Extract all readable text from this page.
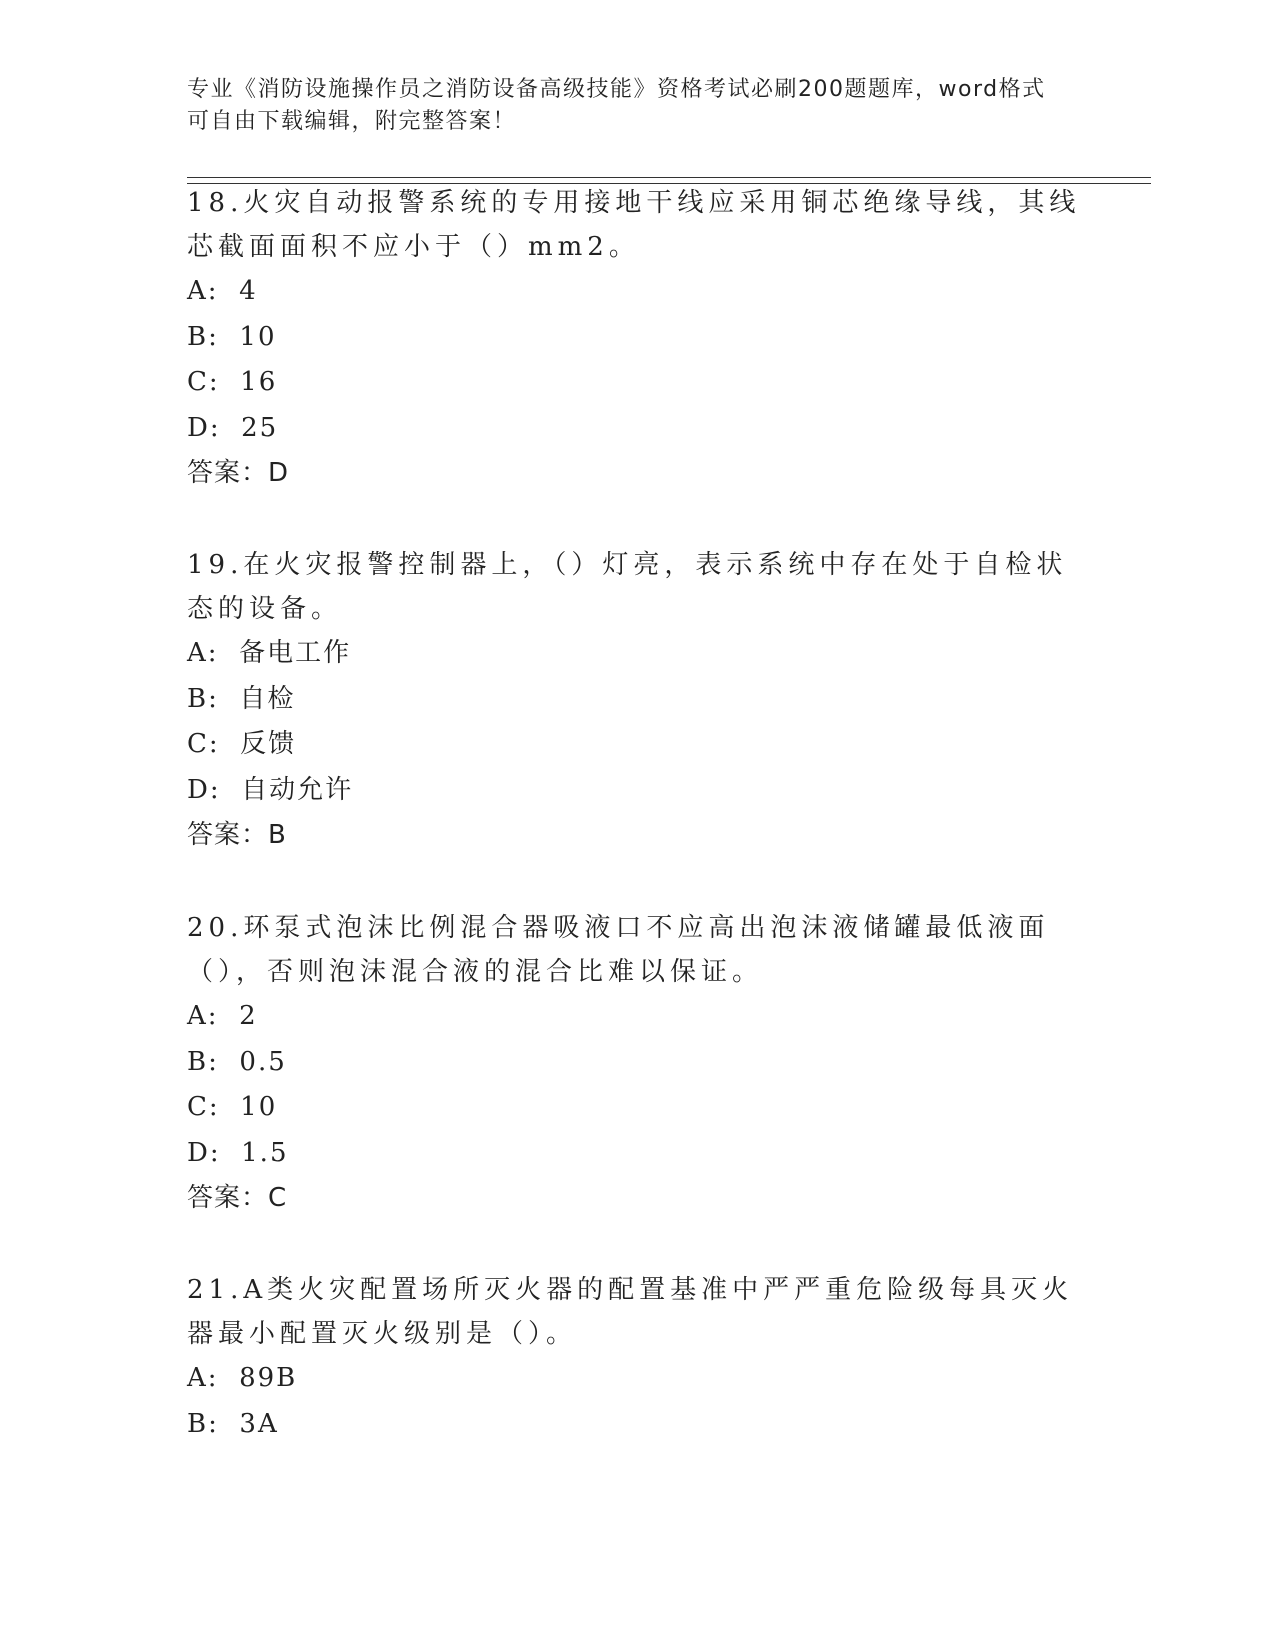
专业《消防设施操作员之消防设备高级技能》资格考试必刷200题题库，word格式可自由下载编辑，附完整答案！

18.火灾自动报警系统的专用接地干线应采用铜芯绝缘导线，其线芯截面面积不应小于（）mm2。

A:  4

B:  10

C:  16

D:  25

答案：D

19.在火灾报警控制器上，（）灯亮，表示系统中存在处于自检状态的设备。

A:  备电工作

B:  自检

C:  反馈

D:  自动允许

答案：B

20.环泵式泡沫比例混合器吸液口不应高出泡沫液储罐最低液面（），否则泡沫混合液的混合比难以保证。

A:  2

B:  0.5

C:  10

D:  1.5

答案：C

21.A类火灾配置场所灭火器的配置基准中严严重危险级每具灭火器最小配置灭火级别是（）。

A:  89B

B:  3A
